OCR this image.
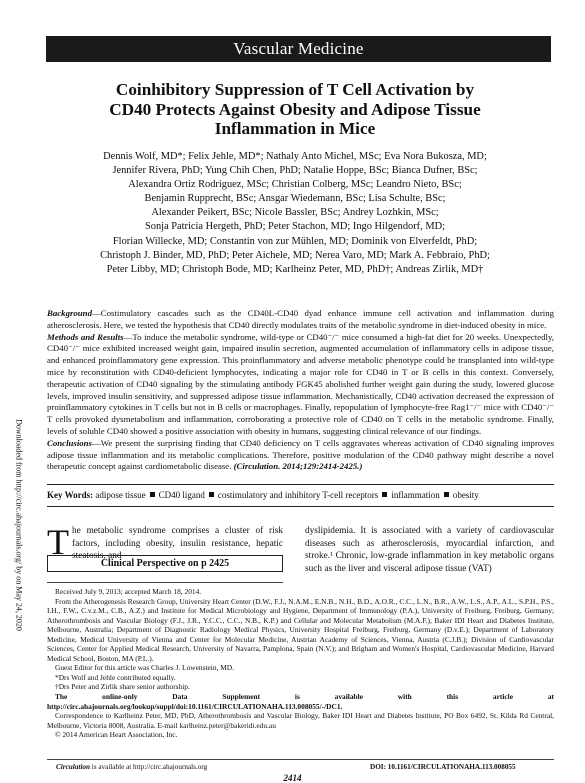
Vascular Medicine
Coinhibitory Suppression of T Cell Activation by
CD40 Protects Against Obesity and Adipose Tissue
Inflammation in Mice
Dennis Wolf, MD*; Felix Jehle, MD*; Nathaly Anto Michel, MSc; Eva Nora Bukosza, MD;
Jennifer Rivera, PhD; Yung Chih Chen, PhD; Natalie Hoppe, BSc; Bianca Dufner, BSc;
Alexandra Ortiz Rodriguez, MSc; Christian Colberg, MSc; Leandro Nieto, BSc;
Benjamin Rupprecht, BSc; Ansgar Wiedemann, BSc; Lisa Schulte, BSc;
Alexander Peikert, BSc; Nicole Bassler, BSc; Andrey Lozhkin, MSc;
Sonja Patricia Hergeth, PhD; Peter Stachon, MD; Ingo Hilgendorf, MD;
Florian Willecke, MD; Constantin von zur Mühlen, MD; Dominik von Elverfeldt, PhD;
Christoph J. Binder, MD, PhD; Peter Aichele, MD; Nerea Varo, MD; Mark A. Febbraio, PhD;
Peter Libby, MD; Christoph Bode, MD; Karlheinz Peter, MD, PhD†; Andreas Zirlik, MD†

Background—Costimulatory cascades such as the CD40L-CD40 dyad enhance immune cell activation and inflammation during atherosclerosis. Here, we tested the hypothesis that CD40 directly modulates traits of the metabolic syndrome in diet-induced obesity in mice.

Methods and Results—To induce the metabolic syndrome, wild-type or CD40⁻/⁻ mice consumed a high-fat diet for 20 weeks. Unexpectedly, CD40⁻/⁻ mice exhibited increased weight gain, impaired insulin secretion, augmented accumulation of inflammatory cells in adipose tissue, and enhanced proinflammatory gene expression. This proinflammatory and adverse metabolic phenotype could be transplanted into wild-type mice by reconstitution with CD40-deficient lymphocytes, indicating a major role for CD40 in T or B cells in this context. Conversely, therapeutic activation of CD40 signaling by the stimulating antibody FGK45 abolished further weight gain during the study, lowered glucose levels, improved insulin sensitivity, and suppressed adipose tissue inflammation. Mechanistically, CD40 activation decreased the expression of proinflammatory cytokines in T cells but not in B cells or macrophages. Finally, repopulation of lymphocyte-free Rag1⁻/⁻ mice with CD40⁻/⁻ T cells provoked dysmetabolism and inflammation, corroborating a protective role of CD40 on T cells in the metabolic syndrome. Finally, levels of soluble CD40 showed a positive association with obesity in humans, suggesting clinical relevance of our findings.

Conclusions—We present the surprising finding that CD40 deficiency on T cells aggravates whereas activation of CD40 signaling improves adipose tissue inflammation and its metabolic complications. Therefore, positive modulation of the CD40 pathway might describe a novel therapeutic concept against cardiometabolic disease. (Circulation. 2014;129:2414-2425.)

Key Words: adipose tissue CD40 ligand costimulatory and inhibitory T-cell receptors inflammation obesity

The metabolic syndrome comprises a cluster of risk factors, including obesity, insulin resistance, hepatic steatosis, and

Clinical Perspective on p 2425
dyslipidemia. It is associated with a variety of cardiovascular diseases such as atherosclerosis, myocardial infarction, and stroke.¹ Chronic, low-grade inflammation in key metabolic organs such as the liver and visceral adipose tissue (VAT)

Received July 9, 2013; accepted March 18, 2014.

From the Atherogenesis Research Group, University Heart Center (D.W., F.J., N.A.M., E.N.B., N.H., B.D., A.O.R., C.C., L.N., B.R., A.W., L.S., A.P., A.L., S.P.H., P.S., I.H., F.W., C.v.z.M., C.B., A.Z.) and Institute for Medical Microbiology and Hygiene, Department of Immunology (P.A.), University of Freiburg, Freiburg, Germany; Atherothrombosis and Vascular Biology (F.J., J.R., Y.C.C., C.C., N.B., K.P.) and Cellular and Molecular Metabolism (M.A.F.), Baker IDI Heart and Diabetes Institute, Melbourne, Australia; Department of Diagnostic Radiology Medical Physics, University Hospital Freiburg, Freiburg, Germany (D.v.E.); Department of Laboratory Medicine, Medical University of Vienna and Center for Molecular Medicine, Austrian Academy of Sciences, Vienna, Austria (C.J.B.); Division of Cardiovascular Sciences, Center for Applied Medical Research, University of Navarra, Pamplona, Spain (N.V.); and Brigham and Women's Hospital, Cardiovascular Medicine, Harvard Medical School, Boston, MA (P.L.).

Guest Editor for this article was Charles J. Lowenstein, MD.

*Drs Wolf and Jehle contributed equally.

†Drs Peter and Zirlik share senior authorship.

The online-only Data Supplement is available with this article at http://circ.ahajournals.org/lookup/suppl/doi:10.1161/CIRCULATIONAHA.113.008055/-/DC1.

Correspondence to Karlheinz Peter, MD, PhD, Atherothrombosis and Vascular Biology, Baker IDI Heart and Diabetes Institute, PO Box 6492, St. Kilda Rd Central, Melbourne, Victoria 8008, Australia. E-mail karlheinz.peter@bakeridi.edu.au

© 2014 American Heart Association, Inc.

Circulation is available at http://circ.ahajournals.org	DOI: 10.1161/CIRCULATIONAHA.113.008055
2414
Downloaded from http://circ.ahajournals.org/ by on May 24, 2020
